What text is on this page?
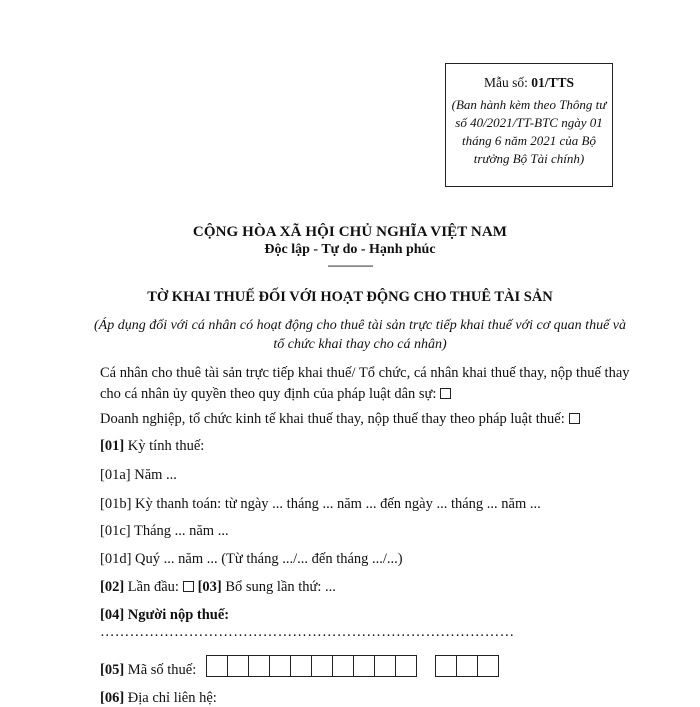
Mẫu số: 01/TTS
(Ban hành kèm theo Thông tư số 40/2021/TT-BTC ngày 01 tháng 6 năm 2021 của Bộ trưởng Bộ Tài chính)
CỘNG HÒA XÃ HỘI CHỦ NGHĨA VIỆT NAM
Độc lập - Tự do - Hạnh phúc
---------------
TỜ KHAI THUẾ ĐỐI VỚI HOẠT ĐỘNG CHO THUÊ TÀI SẢN
(Áp dụng đối với cá nhân có hoạt động cho thuê tài sản trực tiếp khai thuế với cơ quan thuế và tổ chức khai thay cho cá nhân)
Cá nhân cho thuê tài sản trực tiếp khai thuế/ Tổ chức, cá nhân khai thuế thay, nộp thuế thay cho cá nhân ủy quyền theo quy định của pháp luật dân sự:
Doanh nghiệp, tổ chức kinh tế khai thuế thay, nộp thuế thay theo pháp luật thuế:
[01] Kỳ tính thuế:
[01a] Năm ...
[01b] Kỳ thanh toán: từ ngày ... tháng ... năm ... đến ngày ... tháng ... năm ...
[01c] Tháng ... năm ...
[01d] Quý ... năm ... (Từ tháng .../... đến tháng .../...)
[02] Lần đầu: [03] Bổ sung lần thứ: ...
[04] Người nộp thuế:
…………………………………………………………………………
[05] Mã số thuế:
[06] Địa chỉ liên hệ:
